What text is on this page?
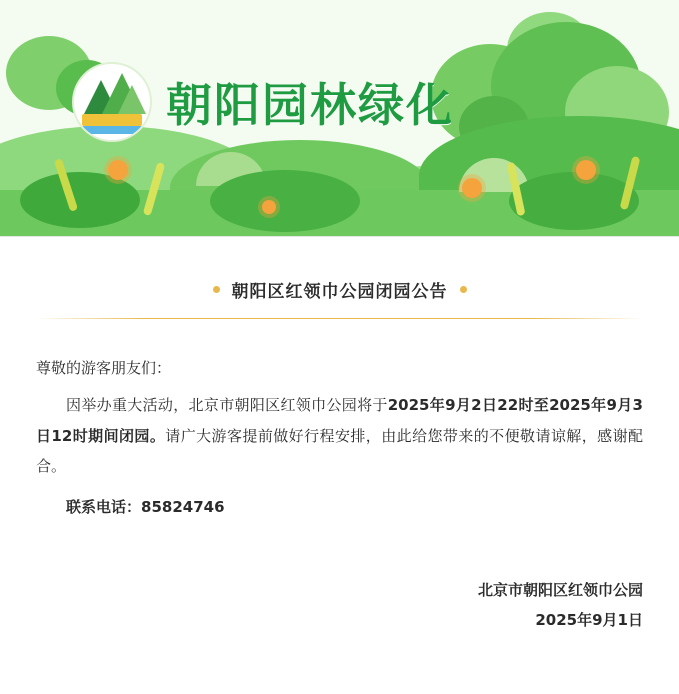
朝阳园林绿化
朝阳区红领巾公园闭园公告

尊敬的游客朋友们：

因举办重大活动，北京市朝阳区红领巾公园将于2025年9月2日22时至2025年9月3日12时期间闭园。请广大游客提前做好行程安排，由此给您带来的不便敬请谅解，感谢配合。

联系电话：85824746

北京市朝阳区红领巾公园
2025年9月1日
